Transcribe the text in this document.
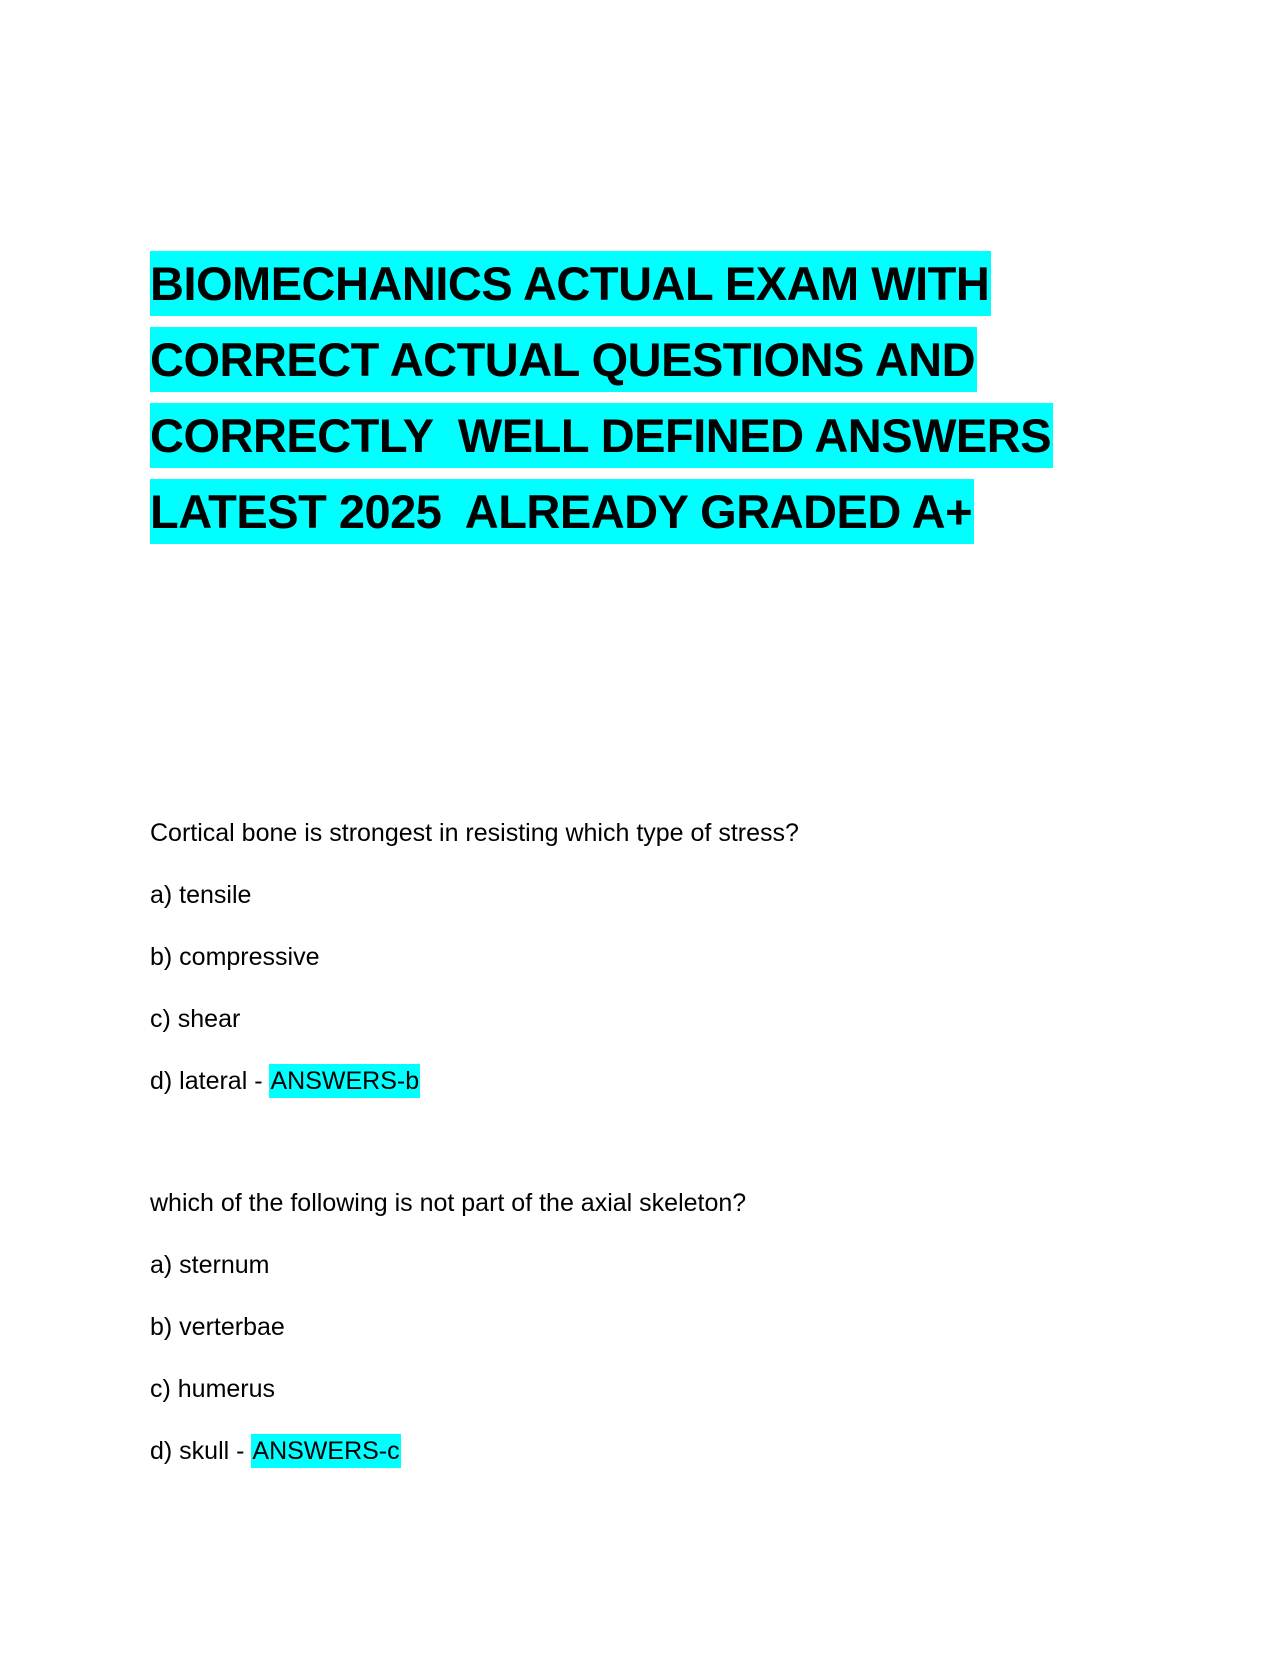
BIOMECHANICS ACTUAL EXAM WITH
CORRECT ACTUAL QUESTIONS AND
CORRECTLY  WELL DEFINED ANSWERS
LATEST 2025  ALREADY GRADED A+
Cortical bone is strongest in resisting which type of stress?
a) tensile
b) compressive
c) shear
d) lateral - ANSWERS-b
which of the following is not part of the axial skeleton?
a) sternum
b) verterbae
c) humerus
d) skull - ANSWERS-c
